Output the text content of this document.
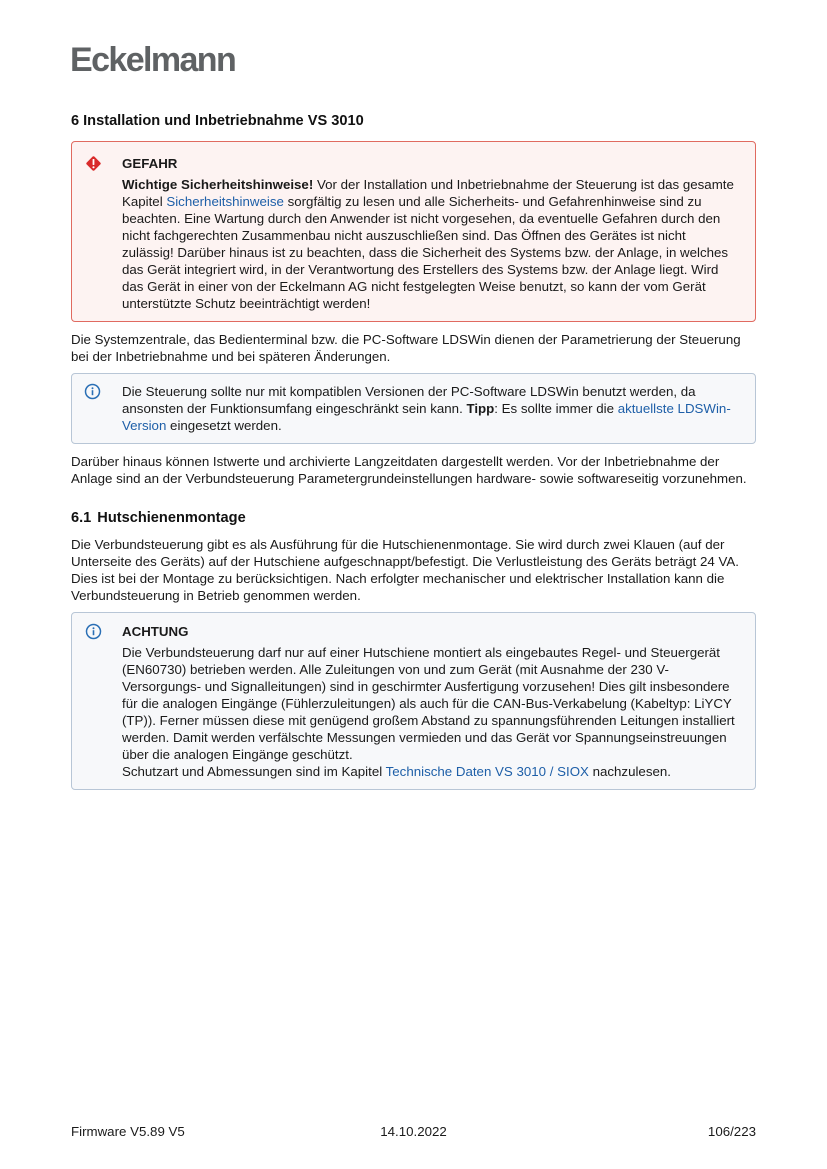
Eckelmann
6 Installation und Inbetriebnahme VS 3010
GEFAHR
Wichtige Sicherheitshinweise! Vor der Installation und Inbetriebnahme der Steuerung ist das gesamte Kapitel Sicherheitshinweise sorgfältig zu lesen und alle Sicherheits- und Gefahrenhinweise sind zu beachten. Eine Wartung durch den Anwender ist nicht vorgesehen, da eventuelle Gefahren durch den nicht fachgerechten Zusammenbau nicht auszuschließen sind. Das Öffnen des Gerätes ist nicht zulässig! Darüber hinaus ist zu beachten, dass die Sicherheit des Systems bzw. der Anlage, in welches das Gerät integriert wird, in der Verantwortung des Erstellers des Systems bzw. der Anlage liegt. Wird das Gerät in einer von der Eckelmann AG nicht festgelegten Weise benutzt, so kann der vom Gerät unterstützte Schutz beeinträchtigt werden!

Die Systemzentrale, das Bedienterminal bzw. die PC-Software LDSWin dienen der Parametrierung der Steuerung bei der Inbetriebnahme und bei späteren Änderungen.

Die Steuerung sollte nur mit kompatiblen Versionen der PC-Software LDSWin benutzt werden, da ansonsten der Funktionsumfang eingeschränkt sein kann. Tipp: Es sollte immer die aktuellste LDSWin-Version eingesetzt werden.

Darüber hinaus können Istwerte und archivierte Langzeitdaten dargestellt werden. Vor der Inbetriebnahme der Anlage sind an der Verbundsteuerung Parametergrundeinstellungen hardware- sowie softwareseitig vorzunehmen.

6.1 Hutschienenmontage

Die Verbundsteuerung gibt es als Ausführung für die Hutschienenmontage. Sie wird durch zwei Klauen (auf der Unterseite des Geräts) auf der Hutschiene aufgeschnappt/befestigt. Die Verlustleistung des Geräts beträgt 24 VA. Dies ist bei der Montage zu berücksichtigen. Nach erfolgter mechanischer und elektrischer Installation kann die Verbundsteuerung in Betrieb genommen werden.

ACHTUNG
Die Verbundsteuerung darf nur auf einer Hutschiene montiert als eingebautes Regel- und Steuergerät (EN60730) betrieben werden. Alle Zuleitungen von und zum Gerät (mit Ausnahme der 230 V-Versorgungs- und Signalleitungen) sind in geschirmter Ausfertigung vorzusehen! Dies gilt insbesondere für die analogen Eingänge (Fühlerzuleitungen) als auch für die CAN-Bus-Verkabelung (Kabeltyp: LiYCY (TP)). Ferner müssen diese mit genügend großem Abstand zu spannungsführenden Leitungen installiert werden. Damit werden verfälschte Messungen vermieden und das Gerät vor Spannungseinstreuungen über die analogen Eingänge geschützt.
Schutzart und Abmessungen sind im Kapitel Technische Daten VS 3010 / SIOX nachzulesen.
Firmware V5.89 V5	14.10.2022	106/223
